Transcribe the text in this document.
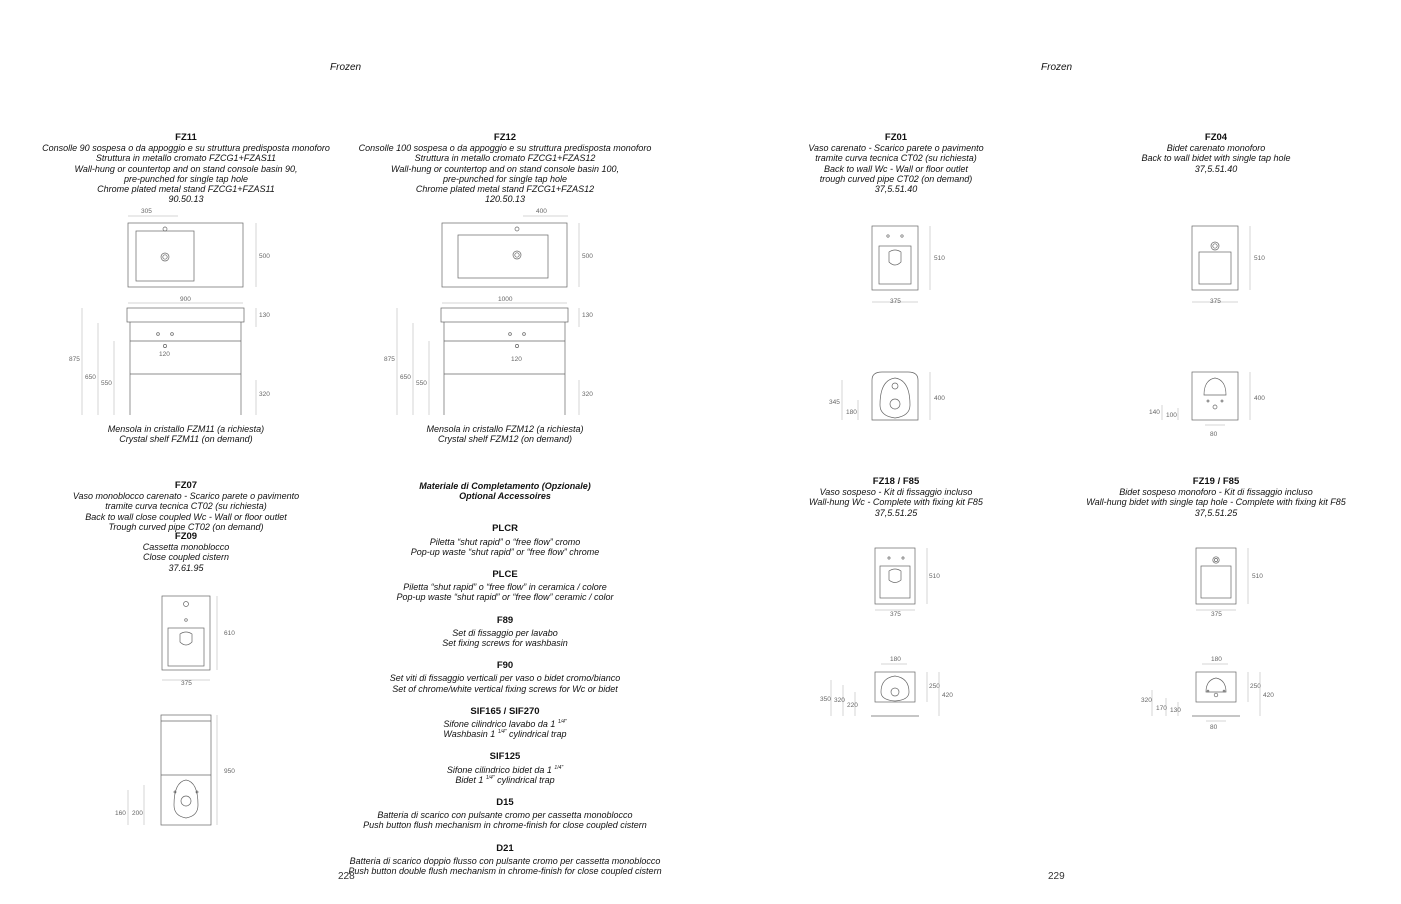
Frozen
228
FZ11
Consolle 90 sospesa o da appoggio e su struttura predisposta monoforo
Struttura in metallo cromato FZCG1+FZAS11
Wall-hung or countertop and on stand console basin 90,
pre-punched for single tap hole
Chrome plated metal stand FZCG1+FZAS11
90.50.13
305
500
900
120
130
320
875
650
550
Mensola in cristallo FZM11 (a richiesta)
Crystal shelf FZM11 (on demand)
FZ12
Consolle 100 sospesa o da appoggio e su struttura predisposta monoforo
Struttura in metallo cromato FZCG1+FZAS12
Wall-hung or countertop and on stand console basin 100,
pre-punched for single tap hole
Chrome plated metal stand FZCG1+FZAS12
120.50.13
400
500
1000
120
130
320
875
650
550
Mensola in cristallo FZM12 (a richiesta)
Crystal shelf FZM12 (on demand)
FZ07
Vaso monoblocco carenato - Scarico parete o pavimento
tramite curva tecnica CT02 (su richiesta)
Back to wall close coupled Wc - Wall or floor outlet
Trough curved pipe CT02 (on demand)
FZ09
Cassetta monoblocco
Close coupled cistern
37.61.95
610
375
950
160 200
Materiale di Completamento (Opzionale)
Optional Accessoires
PLCR
Piletta “shut rapid” o “free flow” cromo
Pop-up waste “shut rapid” or “free flow” chrome
PLCE
Piletta “shut rapid” o “free flow” in ceramica / colore
Pop-up waste “shut rapid” or “free flow” ceramic / color
F89
Set di fissaggio per lavabo
Set fixing screws for washbasin
F90
Set viti di fissaggio verticali per vaso o bidet cromo/bianco
Set of chrome/white vertical fixing screws for Wc or bidet
SIF165 / SIF270
Sifone cilindrico lavabo da 1 $^{1/4"}$
Washbasin 1 $^{1/4"}$ cylindrical trap
SIF125
Sifone cilindrico bidet da 1 $^{1/4"}$
Bidet 1 $^{1/4"}$ cylindrical trap
D15
Batteria di scarico con pulsante cromo per cassetta monoblocco
Push button flush mechanism in chrome-finish for close coupled cistern
D21
Batteria di scarico doppio flusso con pulsante cromo per cassetta monoblocco
Push button double flush mechanism in chrome-finish for close coupled cistern
Frozen
229
FZ01
Vaso carenato - Scarico parete o pavimento
tramite curva tecnica CT02 (su richiesta)
Back to wall Wc - Wall or floor outlet
trough curved pipe CT02 (on demand)
37,5.51.40
510
375
400
345
180
FZ04
Bidet carenato monoforo
Back to wall bidet with single tap hole
37,5.51.40
510
375
400
140 100
80
FZ18 / F85
Vaso sospeso - Kit di fissaggio incluso
Wall-hung Wc - Complete with fixing kit F85
37,5.51.25
510
375
180
250
420
350 320
220
FZ19 / F85
Bidet sospeso monoforo - Kit di fissaggio incluso
Wall-hung bidet with single tap hole - Complete with fixing kit F85
37,5.51.25
510
375
180
250
420
320
170 130
80
